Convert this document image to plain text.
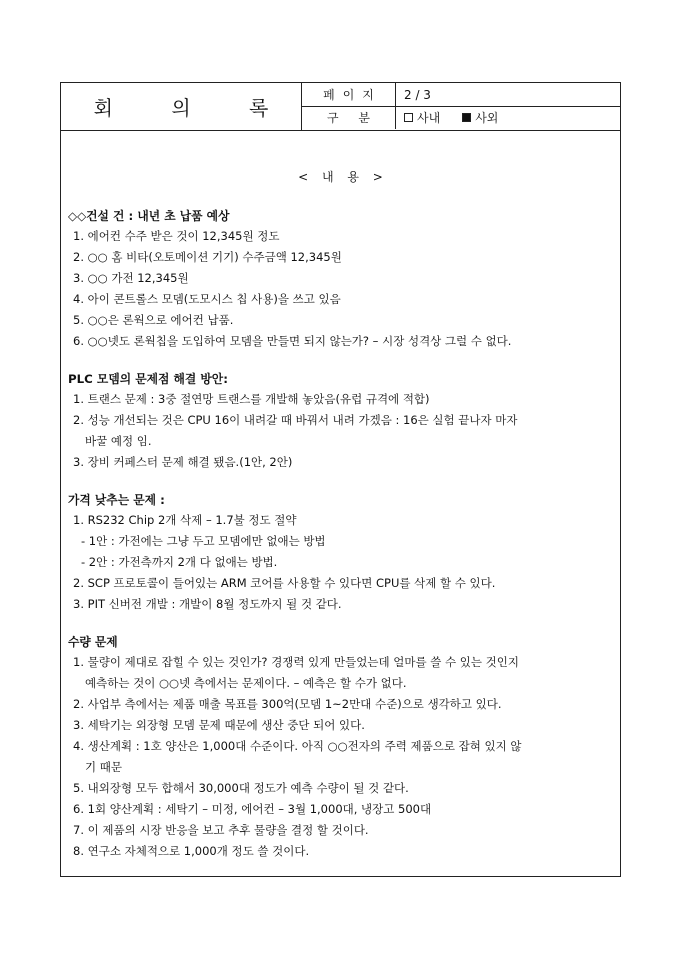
회 의 록
페이지	2 / 3
구 분	사내	사외
< 내 용 >
◇◇건설 건 : 내년 초 납품 예상
1. 에어컨 수주 받은 것이 12,345원 정도
2. ○○ 홈 비타(오토메이션 기기) 수주금액 12,345원
3. ○○ 가전 12,345원
4. 아이 콘트롤스 모뎀(도모시스 칩 사용)을 쓰고 있음
5. ○○은 론웍으로 에어컨 납품.
6. ○○넷도 론웍칩을 도입하여 모뎀을 만들면 되지 않는가? – 시장 성격상 그럴 수 없다.
PLC 모뎀의 문제점 해결 방안:
1. 트랜스 문제 : 3중 절연망 트랜스를 개발해 놓았음(유럽 규격에 적합)
2. 성능 개선되는 것은 CPU 16이 내려갈 때 바꿔서 내려 가겠음 : 16은 실험 끝나자 마자
바꿀 예정 임.
3. 장비 커페스터 문제 해결 됐음.(1안, 2안)
가격 낮추는 문제 :
1. RS232 Chip 2개 삭제 – 1.7불 정도 절약
- 1안 : 가전에는 그냥 두고 모뎀에만 없애는 방법
- 2안 : 가전측까지 2개 다 없애는 방법.
2. SCP 프로토콜이 들어있는 ARM 코어를 사용할 수 있다면 CPU를 삭제 할 수 있다.
3. PIT 신버전 개발 : 개발이 8월 정도까지 될 것 같다.
수량 문제
1. 물량이 제대로 잡힐 수 있는 것인가? 경쟁력 있게 만들었는데 얼마를 쓸 수 있는 것인지
예측하는 것이 ○○넷 측에서는 문제이다. – 예측은 할 수가 없다.
2. 사업부 측에서는 제품 매출 목표를 300억(모뎀 1~2만대 수준)으로 생각하고 있다.
3. 세탁기는 외장형 모뎀 문제 때문에 생산 중단 되어 있다.
4. 생산계획 : 1호 양산은 1,000대 수준이다. 아직 ○○전자의 주력 제품으로 잡혀 있지 않
기 때문
5. 내외장형 모두 합해서 30,000대 정도가 예측 수량이 될 것 같다.
6. 1회 양산계획 : 세탁기 – 미정, 에어컨 – 3월 1,000대, 냉장고 500대
7. 이 제품의 시장 반응을 보고 추후 물량을 결정 할 것이다.
8. 연구소 자체적으로 1,000개 정도 쓸 것이다.
